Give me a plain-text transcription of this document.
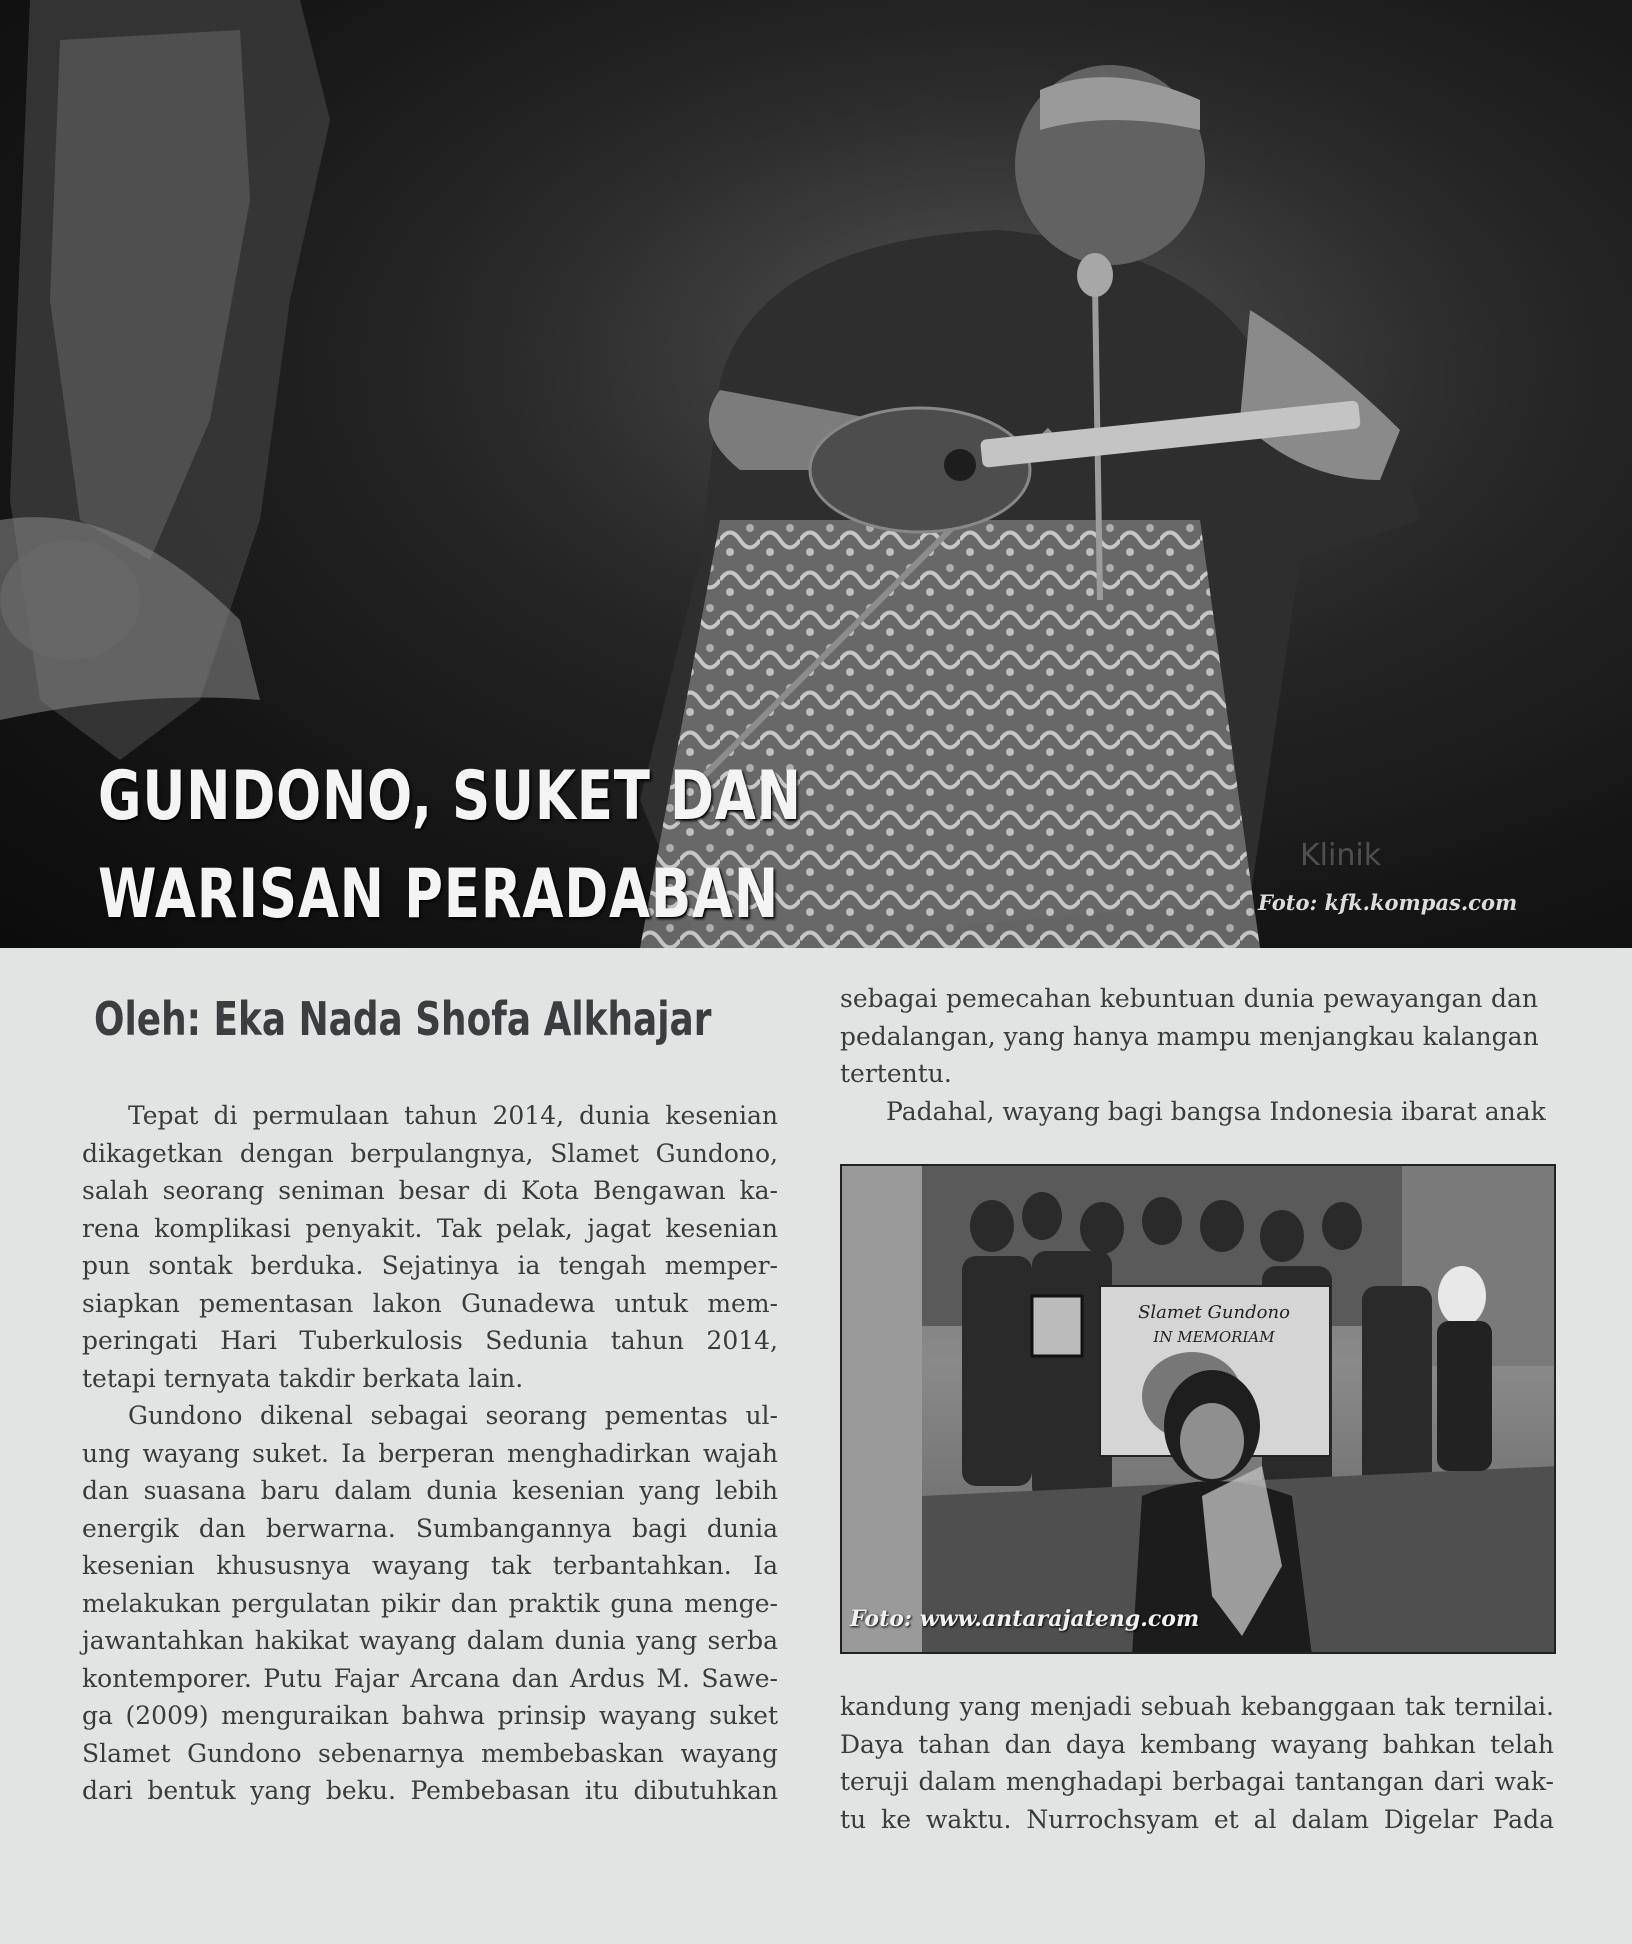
GUNDONO, SUKET DAN
WARISAN PERADABAN	Klinik
Foto: kfk.kompas.com
Oleh: Eka Nada Shofa Alkhajar

Tepat di permulaan tahun 2014, dunia kesenian
dikagetkan dengan berpulangnya, Slamet Gundono,
salah seorang seniman besar di Kota Bengawan ka-
rena komplikasi penyakit. Tak pelak, jagat kesenian
pun sontak berduka. Sejatinya ia tengah memper-
siapkan pementasan lakon Gunadewa untuk mem-
peringati Hari Tuberkulosis Sedunia tahun 2014,
tetapi ternyata takdir berkata lain.

Gundono dikenal sebagai seorang pementas ul-
ung wayang suket. Ia berperan menghadirkan wajah
dan suasana baru dalam dunia kesenian yang lebih
energik dan berwarna. Sumbangannya bagi dunia
kesenian khususnya wayang tak terbantahkan. Ia
melakukan pergulatan pikir dan praktik guna menge-
jawantahkan hakikat wayang dalam dunia yang serba
kontemporer. Putu Fajar Arcana dan Ardus M. Sawe-
ga (2009) menguraikan bahwa prinsip wayang suket
Slamet Gundono sebenarnya membebaskan wayang
dari bentuk yang beku. Pembebasan itu dibutuhkan

sebagai pemecahan kebuntuan dunia pewayangan dan
pedalangan, yang hanya mampu menjangkau kalangan
tertentu.

Padahal, wayang bagi bangsa Indonesia ibarat anak

Slamet Gundono
IN MEMORIAM
Foto: www.antarajateng.com

kandung yang menjadi sebuah kebanggaan tak ternilai.
Daya tahan dan daya kembang wayang bahkan telah
teruji dalam menghadapi berbagai tantangan dari wak-
tu ke waktu. Nurrochsyam et al dalam Digelar Pada
